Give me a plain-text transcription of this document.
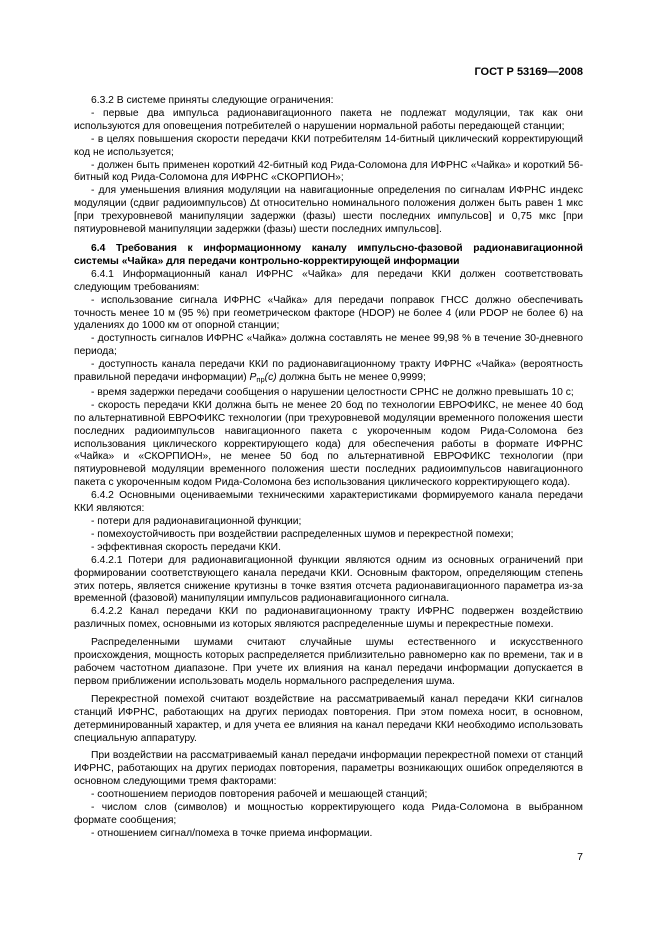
ГОСТ Р 53169—2008

6.3.2 В системе приняты следующие ограничения:

- первые два импульса радионавигационного пакета не подлежат модуляции, так как они используются для оповещения потребителей о нарушении нормальной работы передающей станции;

- в целях повышения скорости передачи ККИ потребителям 14-битный циклический корректирующий код не используется;

- должен быть применен короткий 42-битный код Рида-Соломона для ИФРНС «Чайка» и короткий 56-битный код Рида-Соломона для ИФРНС «СКОРПИОН»;

- для уменьшения влияния модуляции на навигационные определения по сигналам ИФРНС индекс модуляции (сдвиг радиоимпульсов) Δt относительно номинального положения должен быть равен 1 мкс [при трехуровневой манипуляции задержки (фазы) шести последних импульсов] и 0,75 мкс [при пятиуровневой манипуляции задержки (фазы) шести последних импульсов].

6.4 Требования к информационному каналу импульсно-фазовой радионавигационной системы «Чайка» для передачи контрольно-корректирующей информации

6.4.1 Информационный канал ИФРНС «Чайка» для передачи ККИ должен соответствовать следующим требованиям:

- использование сигнала ИФРНС «Чайка» для передачи поправок ГНСС должно обеспечивать точность менее 10 м (95 %) при геометрическом факторе (HDOP) не более 4 (или PDOP не более 6) на удалениях до 1000 км от опорной станции;

- доступность сигналов ИФРНС «Чайка» должна составлять не менее 99,98 % в течение 30-дневного периода;

- доступность канала передачи ККИ по радионавигационному тракту ИФРНС «Чайка» (вероятность правильной передачи информации) $P_{пр}(c)$ должна быть не менее 0,9999;

- время задержки передачи сообщения о нарушении целостности СРНС не должно превышать 10 с;

- скорость передачи ККИ должна быть не менее 20 бод по технологии ЕВРОФИКС, не менее 40 бод по альтернативной ЕВРОФИКС технологии (при трехуровневой модуляции временного положения шести последних радиоимпульсов навигационного пакета с укороченным кодом Рида-Соломона без использования циклического корректирующего кода) для обеспечения работы в формате ИФРНС «Чайка» и «СКОРПИОН», не менее 50 бод по альтернативной ЕВРОФИКС технологии (при пятиуровневой модуляции временного положения шести последних радиоимпульсов навигационного пакета с укороченным кодом Рида-Соломона без использования циклического корректирующего кода).

6.4.2 Основными оцениваемыми техническими характеристиками формируемого канала передачи ККИ являются:

- потери для радионавигационной функции;

- помехоустойчивость при воздействии распределенных шумов и перекрестной помехи;

- эффективная скорость передачи ККИ.

6.4.2.1 Потери для радионавигационной функции являются одним из основных ограничений при формировании соответствующего канала передачи ККИ. Основным фактором, определяющим степень этих потерь, является снижение крутизны в точке взятия отсчета радионавигационного параметра из-за временной (фазовой) манипуляции импульсов радионавигационного сигнала.

6.4.2.2 Канал передачи ККИ по радионавигационному тракту ИФРНС подвержен воздействию различных помех, основными из которых являются распределенные шумы и перекрестные помехи.

Распределенными шумами считают случайные шумы естественного и искусственного происхождения, мощность которых распределяется приблизительно равномерно как по времени, так и в рабочем частотном диапазоне. При учете их влияния на канал передачи информации допускается в первом приближении использовать модель нормального распределения шума.

Перекрестной помехой считают воздействие на рассматриваемый канал передачи ККИ сигналов станций ИФРНС, работающих на других периодах повторения. При этом помеха носит, в основном, детерминированный характер, и для учета ее влияния на канал передачи ККИ необходимо использовать специальную аппаратуру.

При воздействии на рассматриваемый канал передачи информации перекрестной помехи от станций ИФРНС, работающих на других периодах повторения, параметры возникающих ошибок определяются в основном следующими тремя факторами:

- соотношением периодов повторения рабочей и мешающей станций;

- числом слов (символов) и мощностью корректирующего кода Рида-Соломона в выбранном формате сообщения;

- отношением сигнал/помеха в точке приема информации.

7
